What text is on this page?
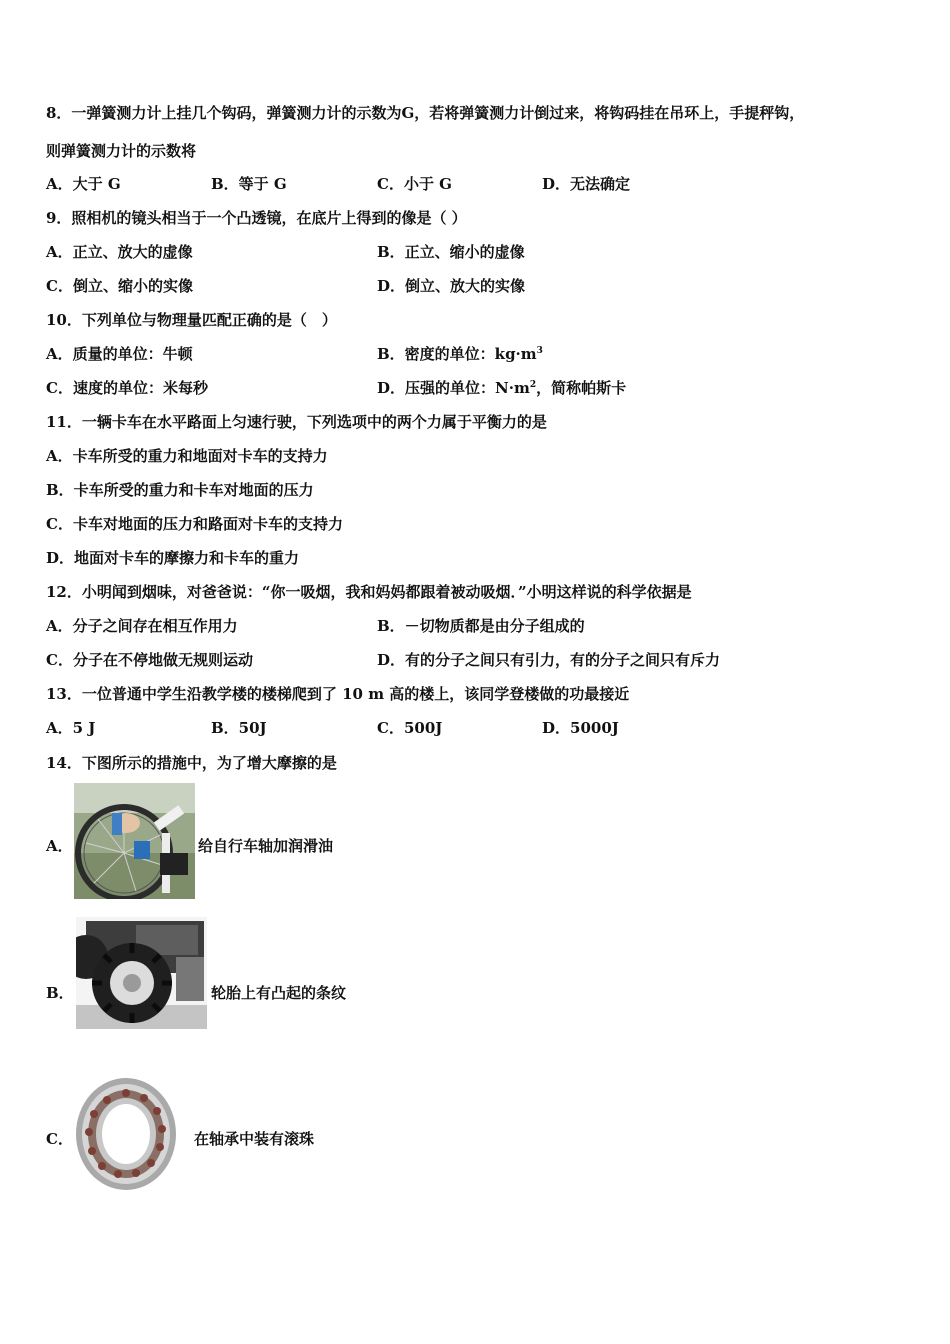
8．一弹簧测力计上挂几个钩码，弹簧测力计的示数为G，若将弹簧测力计倒过来，将钩码挂在吊环上，手提秤钩，
则弹簧测力计的示数将
A．大于 G	B．等于 G	C．小于 G	D．无法确定
9．照相机的镜头相当于一个凸透镜，在底片上得到的像是（ ）
A．正立、放大的虚像	B．正立、缩小的虚像
C．倒立、缩小的实像	D．倒立、放大的实像
10．下列单位与物理量匹配正确的是（　）
A．质量的单位：牛顿	B．密度的单位：$kg\cdot m^3$
C．速度的单位：米每秒	D．压强的单位：$N\cdot m^2$，简称帕斯卡
11．一辆卡车在水平路面上匀速行驶，下列选项中的两个力属于平衡力的是
A．卡车所受的重力和地面对卡车的支持力
B．卡车所受的重力和卡车对地面的压力
C．卡车对地面的压力和路面对卡车的支持力
D．地面对卡车的摩擦力和卡车的重力
12．小明闻到烟味，对爸爸说：“你一吸烟，我和妈妈都跟着被动吸烟．”小明这样说的科学依据是
A．分子之间存在相互作用力	B．－切物质都是由分子组成的
C．分子在不停地做无规则运动	D．有的分子之间只有引力，有的分子之间只有斥力
13．一位普通中学生沿教学楼的楼梯爬到了 10 m 高的楼上，该同学登楼做的功最接近
A．5 J	B．50J	C．500J	D．5000J
14．下图所示的措施中，为了增大摩擦的是
A．	给自行车轴加润滑油
B．	轮胎上有凸起的条纹
C．	在轴承中装有滚珠
